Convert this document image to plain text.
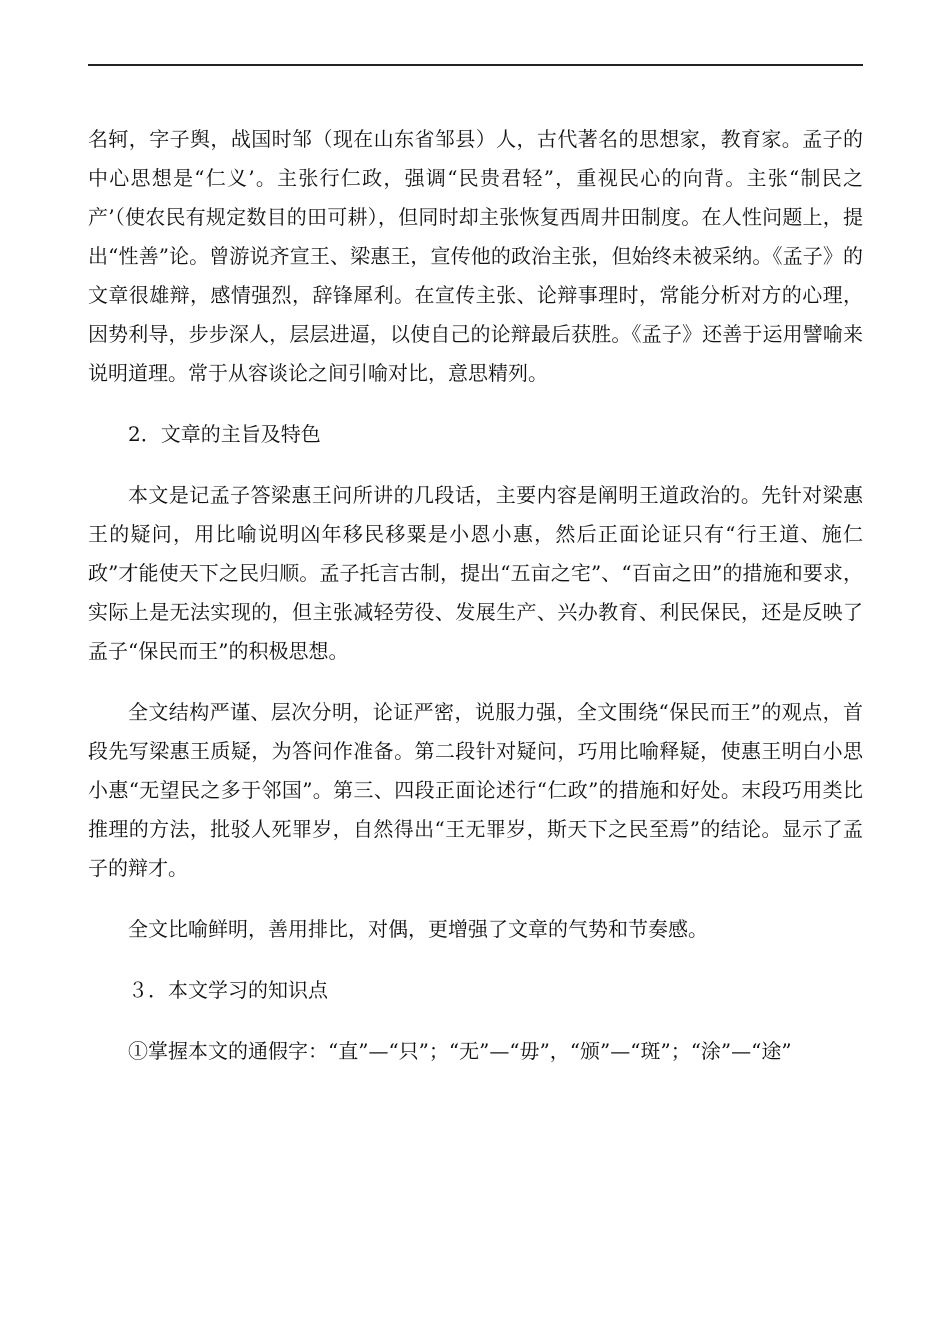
名轲，字子舆，战国时邹（现在山东省邹县）人，古代著名的思想家，教育家。孟子的中心思想是“仁义’。主张行仁政，强调“民贵君轻”，重视民心的向背。主张“制民之产’（使农民有规定数目的田可耕），但同时却主张恢复西周井田制度。在人性问题上，提出“性善”论。曾游说齐宣王、梁惠王，宣传他的政治主张，但始终未被采纳。《孟子》的文章很雄辩，感情强烈，辞锋犀利。在宣传主张、论辩事理时，常能分析对方的心理，因势利导，步步深人，层层进逼，以使自己的论辩最后获胜。《孟子》还善于运用譬喻来说明道理。常于从容谈论之间引喻对比，意思精列。

2．文章的主旨及特色

本文是记孟子答梁惠王问所讲的几段话，主要内容是阐明王道政治的。先针对梁惠王的疑问，用比喻说明凶年移民移粟是小恩小惠，然后正面论证只有“行王道、施仁政”才能使天下之民归顺。孟子托言古制，提出“五亩之宅”、“百亩之田”的措施和要求，实际上是无法实现的，但主张减轻劳役、发展生产、兴办教育、利民保民，还是反映了孟子“保民而王”的积极思想。

全文结构严谨、层次分明，论证严密，说服力强，全文围绕“保民而王”的观点，首段先写梁惠王质疑，为答问作准备。第二段针对疑问，巧用比喻释疑，使惠王明白小思小惠“无望民之多于邻国”。第三、四段正面论述行“仁政”的措施和好处。末段巧用类比推理的方法，批驳人死罪岁，自然得出“王无罪岁，斯天下之民至焉”的结论。显示了孟子的辩才。

全文比喻鲜明，善用排比，对偶，更增强了文章的气势和节奏感。

３．本文学习的知识点

①掌握本文的通假字：“直”—“只”；“无”—“毋”，“颁”—“斑”；“涂”—“途”
